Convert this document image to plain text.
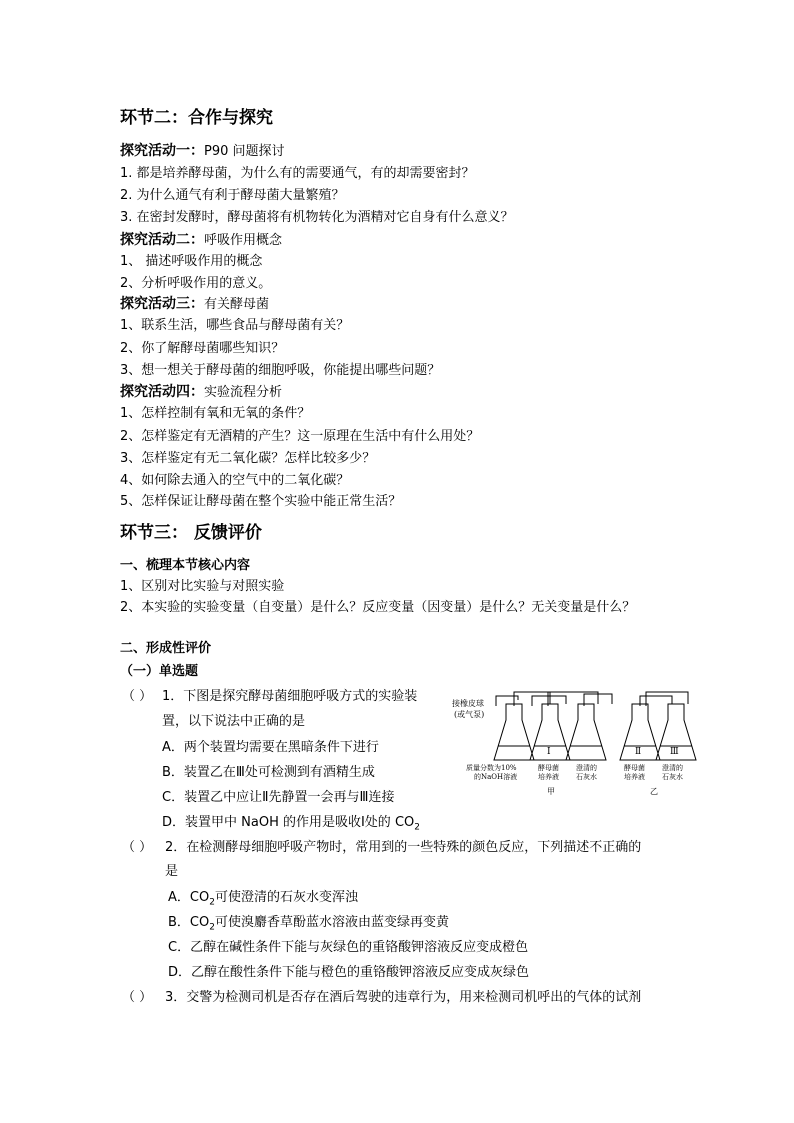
环节二：合作与探究
探究活动一：P90 问题探讨
1. 都是培养酵母菌，为什么有的需要通气，有的却需要密封？
2. 为什么通气有利于酵母菌大量繁殖？
3. 在密封发酵时，酵母菌将有机物转化为酒精对它自身有什么意义？
探究活动二：呼吸作用概念
1、 描述呼吸作用的概念
2、分析呼吸作用的意义。
探究活动三：有关酵母菌
1、联系生活，哪些食品与酵母菌有关？
2、你了解酵母菌哪些知识？
3、想一想关于酵母菌的细胞呼吸，你能提出哪些问题？
探究活动四：实验流程分析
1、怎样控制有氧和无氧的条件？
2、怎样鉴定有无酒精的产生？这一原理在生活中有什么用处？
3、怎样鉴定有无二氧化碳？怎样比较多少？
4、如何除去通入的空气中的二氧化碳？
5、怎样保证让酵母菌在整个实验中能正常生活？
环节三： 反馈评价
一、梳理本节核心内容
1、区别对比实验与对照实验
2、本实验的实验变量（自变量）是什么？反应变量（因变量）是什么？无关变量是什么？
二、形成性评价
（一）单选题
（ ） 1．下图是探究酵母菌细胞呼吸方式的实验装
置，以下说法中正确的是
A．两个装置均需要在黑暗条件下进行
B．装置乙在Ⅲ处可检测到有酒精生成
C．装置乙中应让Ⅱ先静置一会再与Ⅲ连接
D．装置甲中 NaOH 的作用是吸收Ⅰ处的 $CO_2$
接橡皮球
(或气泵)
Ⅰ	Ⅱ	Ⅲ
质量分数为10%
的NaOH溶液
酵母菌
培养液
澄清的
石灰水
酵母菌
培养液
澄清的
石灰水
甲	乙
（ ） 2．在检测酵母细胞呼吸产物时，常用到的一些特殊的颜色反应，下列描述不正确的
是
A．$CO_2$可使澄清的石灰水变浑浊
B．$CO_2$可使溴麝香草酚蓝水溶液由蓝变绿再变黄
C．乙醇在碱性条件下能与灰绿色的重铬酸钾溶液反应变成橙色
D．乙醇在酸性条件下能与橙色的重铬酸钾溶液反应变成灰绿色
（ ） 3．交警为检测司机是否存在酒后驾驶的违章行为，用来检测司机呼出的气体的试剂
